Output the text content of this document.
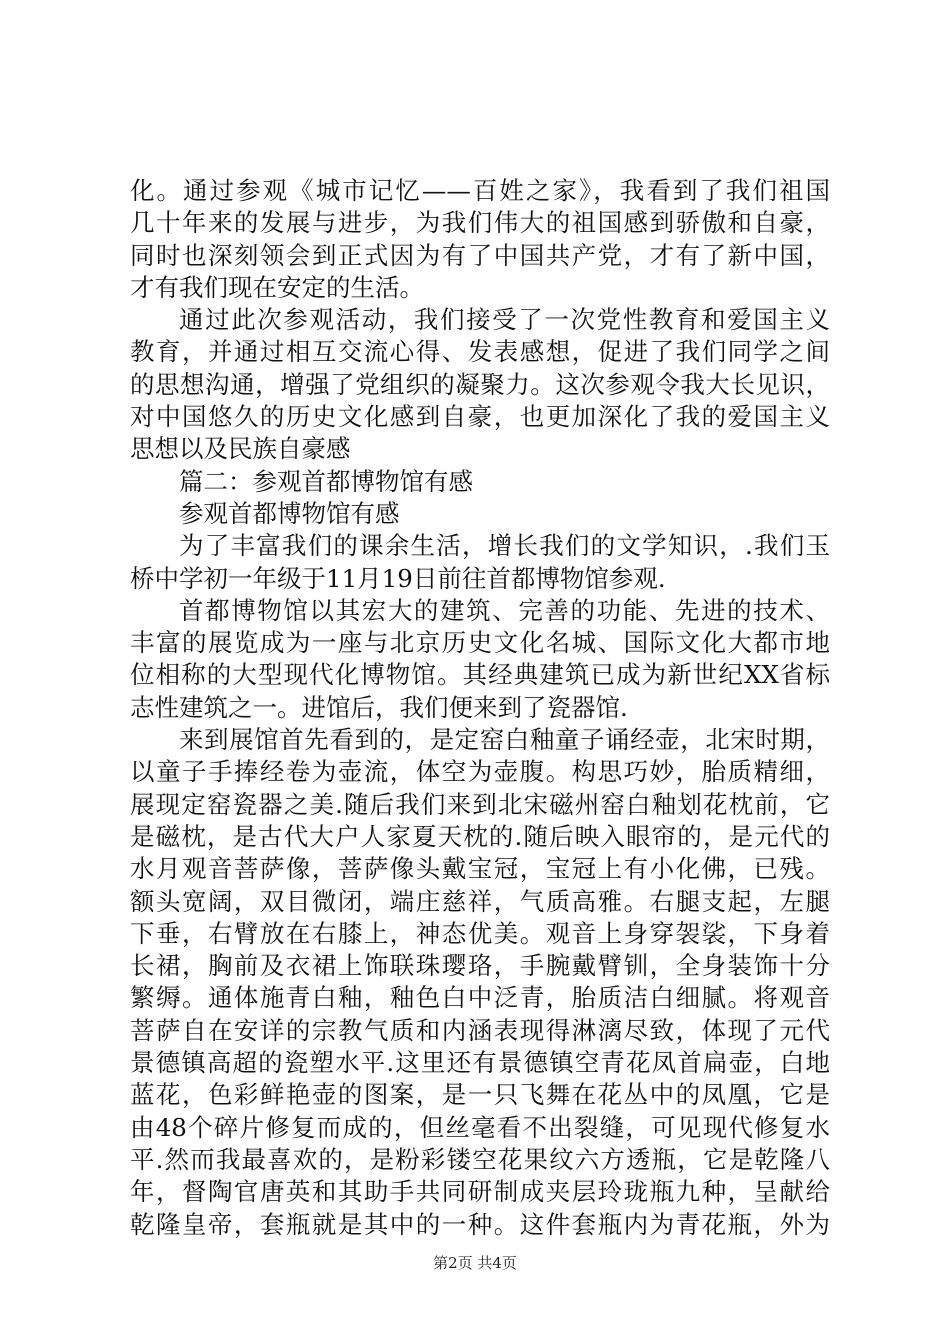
化。通过参观《城市记忆——百姓之家》，我看到了我们祖国
几十年来的发展与进步，为我们伟大的祖国感到骄傲和自豪，
同时也深刻领会到正式因为有了中国共产党，才有了新中国，
才有我们现在安定的生活。
通过此次参观活动，我们接受了一次党性教育和爱国主义
教育，并通过相互交流心得、发表感想，促进了我们同学之间
的思想沟通，增强了党组织的凝聚力。这次参观令我大长见识，
对中国悠久的历史文化感到自豪，也更加深化了我的爱国主义
思想以及民族自豪感
篇二：参观首都博物馆有感
参观首都博物馆有感
为了丰富我们的课余生活，增长我们的文学知识，.我们玉
桥中学初一年级于11月19日前往首都博物馆参观.
首都博物馆以其宏大的建筑、完善的功能、先进的技术、
丰富的展览成为一座与北京历史文化名城、国际文化大都市地
位相称的大型现代化博物馆。其经典建筑已成为新世纪XX省标
志性建筑之一。进馆后，我们便来到了瓷器馆.
来到展馆首先看到的，是定窑白釉童子诵经壶，北宋时期，
以童子手捧经卷为壶流，体空为壶腹。构思巧妙，胎质精细，
展现定窑瓷器之美.随后我们来到北宋磁州窑白釉划花枕前，它
是磁枕，是古代大户人家夏天枕的.随后映入眼帘的，是元代的
水月观音菩萨像，菩萨像头戴宝冠，宝冠上有小化佛，已残。
额头宽阔，双目微闭，端庄慈祥，气质高雅。右腿支起，左腿
下垂，右臂放在右膝上，神态优美。观音上身穿袈裟，下身着
长裙，胸前及衣裙上饰联珠璎珞，手腕戴臂钏，全身装饰十分
繁缛。通体施青白釉，釉色白中泛青，胎质洁白细腻。将观音
菩萨自在安详的宗教气质和内涵表现得淋漓尽致，体现了元代
景德镇高超的瓷塑水平.这里还有景德镇空青花凤首扁壶，白地
蓝花，色彩鲜艳壶的图案，是一只飞舞在花丛中的凤凰，它是
由48个碎片修复而成的，但丝毫看不出裂缝，可见现代修复水
平.然而我最喜欢的，是粉彩镂空花果纹六方透瓶，它是乾隆八
年，督陶官唐英和其助手共同研制成夹层玲珑瓶九种，呈献给
乾隆皇帝，套瓶就是其中的一种。这件套瓶内为青花瓶，外为
第2页 共4页
